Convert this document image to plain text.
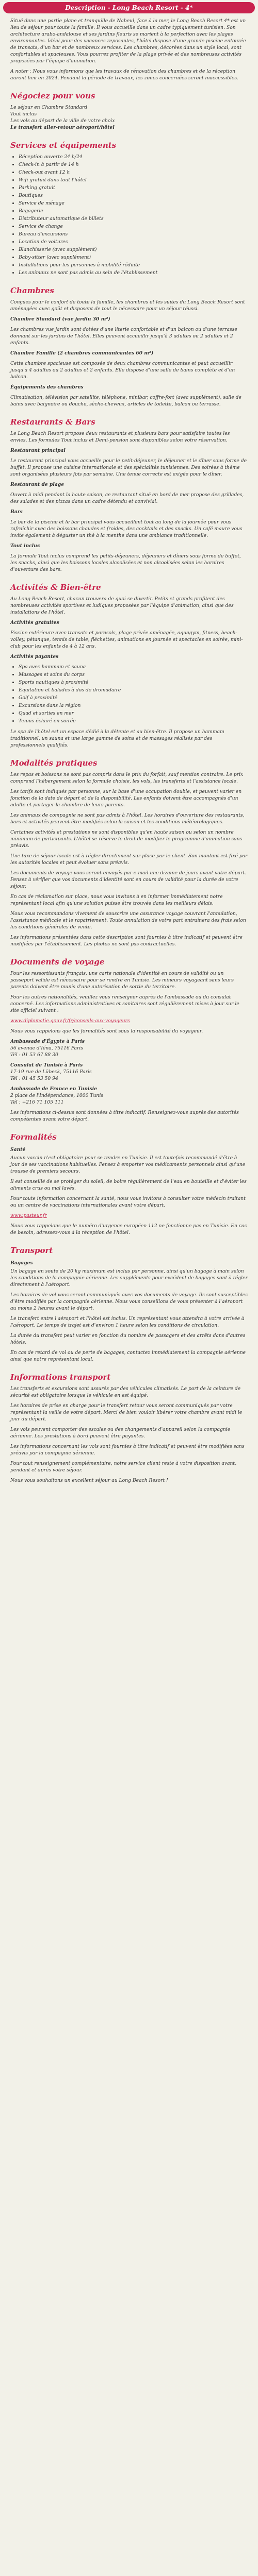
Description - Long Beach Resort - 4*

Situé dans une partie plane et tranquille de Nabeul, face à la mer, le Long Beach Resort 4* est un lieu de séjour pour toute la famille. Il vous accueille dans un cadre typiquement tunisien. Son architecture arabo-andalouse et ses jardins fleuris se marient à la perfection avec les plages environnantes. Idéal pour des vacances reposantes, l'hôtel dispose d'une grande piscine entourée de transats, d'un bar et de nombreux services. Les chambres, décorées dans un style local, sont confortables et spacieuses. Vous pourrez profiter de la plage privée et des nombreuses activités proposées par l'équipe d'animation.

A noter : Nous vous informons que les travaux de rénovation des chambres et de la réception auront lieu en 2024. Pendant la période de travaux, les zones concernées seront inaccessibles.

Négociez pour vous
Le séjour en Chambre Standard
Tout inclus
Les vols au départ de la ville de votre choix
Le transfert aller-retour aéroport/hôtel
Services et équipements
• Réception ouverte 24 h/24
• Check-in à partir de 14 h
• Check-out avant 12 h
• Wifi gratuit dans tout l'hôtel
• Parking gratuit
• Boutiques
• Service de ménage
• Bagagerie
• Distributeur automatique de billets
• Service de change
• Bureau d'excursions
• Location de voitures
• Blanchisserie (avec supplément)
• Baby-sitter (avec supplément)
• Installations pour les personnes à mobilité réduite
• Les animaux ne sont pas admis au sein de l'établissement
Chambres

Conçues pour le confort de toute la famille, les chambres et les suites du Long Beach Resort sont aménagées avec goût et disposent de tout le nécessaire pour un séjour réussi.

Chambre Standard (vue jardin 30 m²)

Les chambres vue jardin sont dotées d'une literie confortable et d'un balcon ou d'une terrasse donnant sur les jardins de l'hôtel. Elles peuvent accueillir jusqu'à 3 adultes ou 2 adultes et 2 enfants.

Chambre Famille (2 chambres communicantes 60 m²)

Cette chambre spacieuse est composée de deux chambres communicantes et peut accueillir jusqu'à 4 adultes ou 2 adultes et 2 enfants. Elle dispose d'une salle de bains complète et d'un balcon.

Équipements des chambres

Climatisation, télévision par satellite, téléphone, minibar, coffre-fort (avec supplément), salle de bains avec baignoire ou douche, sèche-cheveux, articles de toilette, balcon ou terrasse.

Restaurants & Bars

Le Long Beach Resort propose deux restaurants et plusieurs bars pour satisfaire toutes les envies. Les formules Tout inclus et Demi-pension sont disponibles selon votre réservation.

Restaurant principal

Le restaurant principal vous accueille pour le petit-déjeuner, le déjeuner et le dîner sous forme de buffet. Il propose une cuisine internationale et des spécialités tunisiennes. Des soirées à thème sont organisées plusieurs fois par semaine. Une tenue correcte est exigée pour le dîner.

Restaurant de plage

Ouvert à midi pendant la haute saison, ce restaurant situé en bord de mer propose des grillades, des salades et des pizzas dans un cadre détendu et convivial.

Bars

Le bar de la piscine et le bar principal vous accueillent tout au long de la journée pour vous rafraîchir avec des boissons chaudes et froides, des cocktails et des snacks. Un café maure vous invite également à déguster un thé à la menthe dans une ambiance traditionnelle.

Tout inclus

La formule Tout inclus comprend les petits-déjeuners, déjeuners et dîners sous forme de buffet, les snacks, ainsi que les boissons locales alcoolisées et non alcoolisées selon les horaires d'ouverture des bars.

Activités & Bien-être

Au Long Beach Resort, chacun trouvera de quoi se divertir. Petits et grands profitent des nombreuses activités sportives et ludiques proposées par l'équipe d'animation, ainsi que des installations de l'hôtel.

Activités gratuites

Piscine extérieure avec transats et parasols, plage privée aménagée, aquagym, fitness, beach-volley, pétanque, tennis de table, fléchettes, animations en journée et spectacles en soirée, mini-club pour les enfants de 4 à 12 ans.

Activités payantes

• Spa avec hammam et sauna
• Massages et soins du corps
• Sports nautiques à proximité
• Équitation et balades à dos de dromadaire
• Golf à proximité
• Excursions dans la région
• Quad et sorties en mer
• Tennis éclairé en soirée

Le spa de l'hôtel est un espace dédié à la détente et au bien-être. Il propose un hammam traditionnel, un sauna et une large gamme de soins et de massages réalisés par des professionnels qualifiés.

Modalités pratiques

Les repas et boissons ne sont pas compris dans le prix du forfait, sauf mention contraire. Le prix comprend l'hébergement selon la formule choisie, les vols, les transferts et l'assistance locale.

Les tarifs sont indiqués par personne, sur la base d'une occupation double, et peuvent varier en fonction de la date de départ et de la disponibilité. Les enfants doivent être accompagnés d'un adulte et partager la chambre de leurs parents.

Les animaux de compagnie ne sont pas admis à l'hôtel. Les horaires d'ouverture des restaurants, bars et activités peuvent être modifiés selon la saison et les conditions météorologiques.

Certaines activités et prestations ne sont disponibles qu'en haute saison ou selon un nombre minimum de participants. L'hôtel se réserve le droit de modifier le programme d'animation sans préavis.

Une taxe de séjour locale est à régler directement sur place par le client. Son montant est fixé par les autorités locales et peut évoluer sans préavis.

Les documents de voyage vous seront envoyés par e-mail une dizaine de jours avant votre départ. Pensez à vérifier que vos documents d'identité sont en cours de validité pour la durée de votre séjour.

En cas de réclamation sur place, nous vous invitons à en informer immédiatement notre représentant local afin qu'une solution puisse être trouvée dans les meilleurs délais.

Nous vous recommandons vivement de souscrire une assurance voyage couvrant l'annulation, l'assistance médicale et le rapatriement. Toute annulation de votre part entraînera des frais selon les conditions générales de vente.

Les informations présentées dans cette description sont fournies à titre indicatif et peuvent être modifiées par l'établissement. Les photos ne sont pas contractuelles.

Documents de voyage

Pour les ressortissants français, une carte nationale d'identité en cours de validité ou un passeport valide est nécessaire pour se rendre en Tunisie. Les mineurs voyageant sans leurs parents doivent être munis d'une autorisation de sortie du territoire.

Pour les autres nationalités, veuillez vous renseigner auprès de l'ambassade ou du consulat concerné. Les informations administratives et sanitaires sont régulièrement mises à jour sur le site officiel suivant :

www.diplomatie.gouv.fr/fr/conseils-aux-voyageurs

Nous vous rappelons que les formalités sont sous la responsabilité du voyageur.

Ambassade d'Égypte à Paris
56 avenue d'Iéna, 75116 Paris
Tél : 01 53 67 88 30
Consulat de Tunisie à Paris
17-19 rue de Lübeck, 75116 Paris
Tél : 01 45 53 50 94
Ambassade de France en Tunisie
2 place de l'Indépendance, 1000 Tunis
Tél : +216 71 105 111

Les informations ci-dessus sont données à titre indicatif. Renseignez-vous auprès des autorités compétentes avant votre départ.

Formalités

Santé

Aucun vaccin n'est obligatoire pour se rendre en Tunisie. Il est toutefois recommandé d'être à jour de ses vaccinations habituelles. Pensez à emporter vos médicaments personnels ainsi qu'une trousse de premiers secours.

Il est conseillé de se protéger du soleil, de boire régulièrement de l'eau en bouteille et d'éviter les aliments crus ou mal lavés.

Pour toute information concernant la santé, nous vous invitons à consulter votre médecin traitant ou un centre de vaccinations internationales avant votre départ.

www.pasteur.fr

Nous vous rappelons que le numéro d'urgence européen 112 ne fonctionne pas en Tunisie. En cas de besoin, adressez-vous à la réception de l'hôtel.

Transport

Bagages

Un bagage en soute de 20 kg maximum est inclus par personne, ainsi qu'un bagage à main selon les conditions de la compagnie aérienne. Les suppléments pour excédent de bagages sont à régler directement à l'aéroport.

Les horaires de vol vous seront communiqués avec vos documents de voyage. Ils sont susceptibles d'être modifiés par la compagnie aérienne. Nous vous conseillons de vous présenter à l'aéroport au moins 2 heures avant le départ.

Le transfert entre l'aéroport et l'hôtel est inclus. Un représentant vous attendra à votre arrivée à l'aéroport. Le temps de trajet est d'environ 1 heure selon les conditions de circulation.

La durée du transfert peut varier en fonction du nombre de passagers et des arrêts dans d'autres hôtels.

En cas de retard de vol ou de perte de bagages, contactez immédiatement la compagnie aérienne ainsi que notre représentant local.

Informations transport

Les transferts et excursions sont assurés par des véhicules climatisés. Le port de la ceinture de sécurité est obligatoire lorsque le véhicule en est équipé.

Les horaires de prise en charge pour le transfert retour vous seront communiqués par votre représentant la veille de votre départ. Merci de bien vouloir libérer votre chambre avant midi le jour du départ.

Les vols peuvent comporter des escales ou des changements d'appareil selon la compagnie aérienne. Les prestations à bord peuvent être payantes.

Les informations concernant les vols sont fournies à titre indicatif et peuvent être modifiées sans préavis par la compagnie aérienne.

Pour tout renseignement complémentaire, notre service client reste à votre disposition avant, pendant et après votre séjour.

Nous vous souhaitons un excellent séjour au Long Beach Resort !
